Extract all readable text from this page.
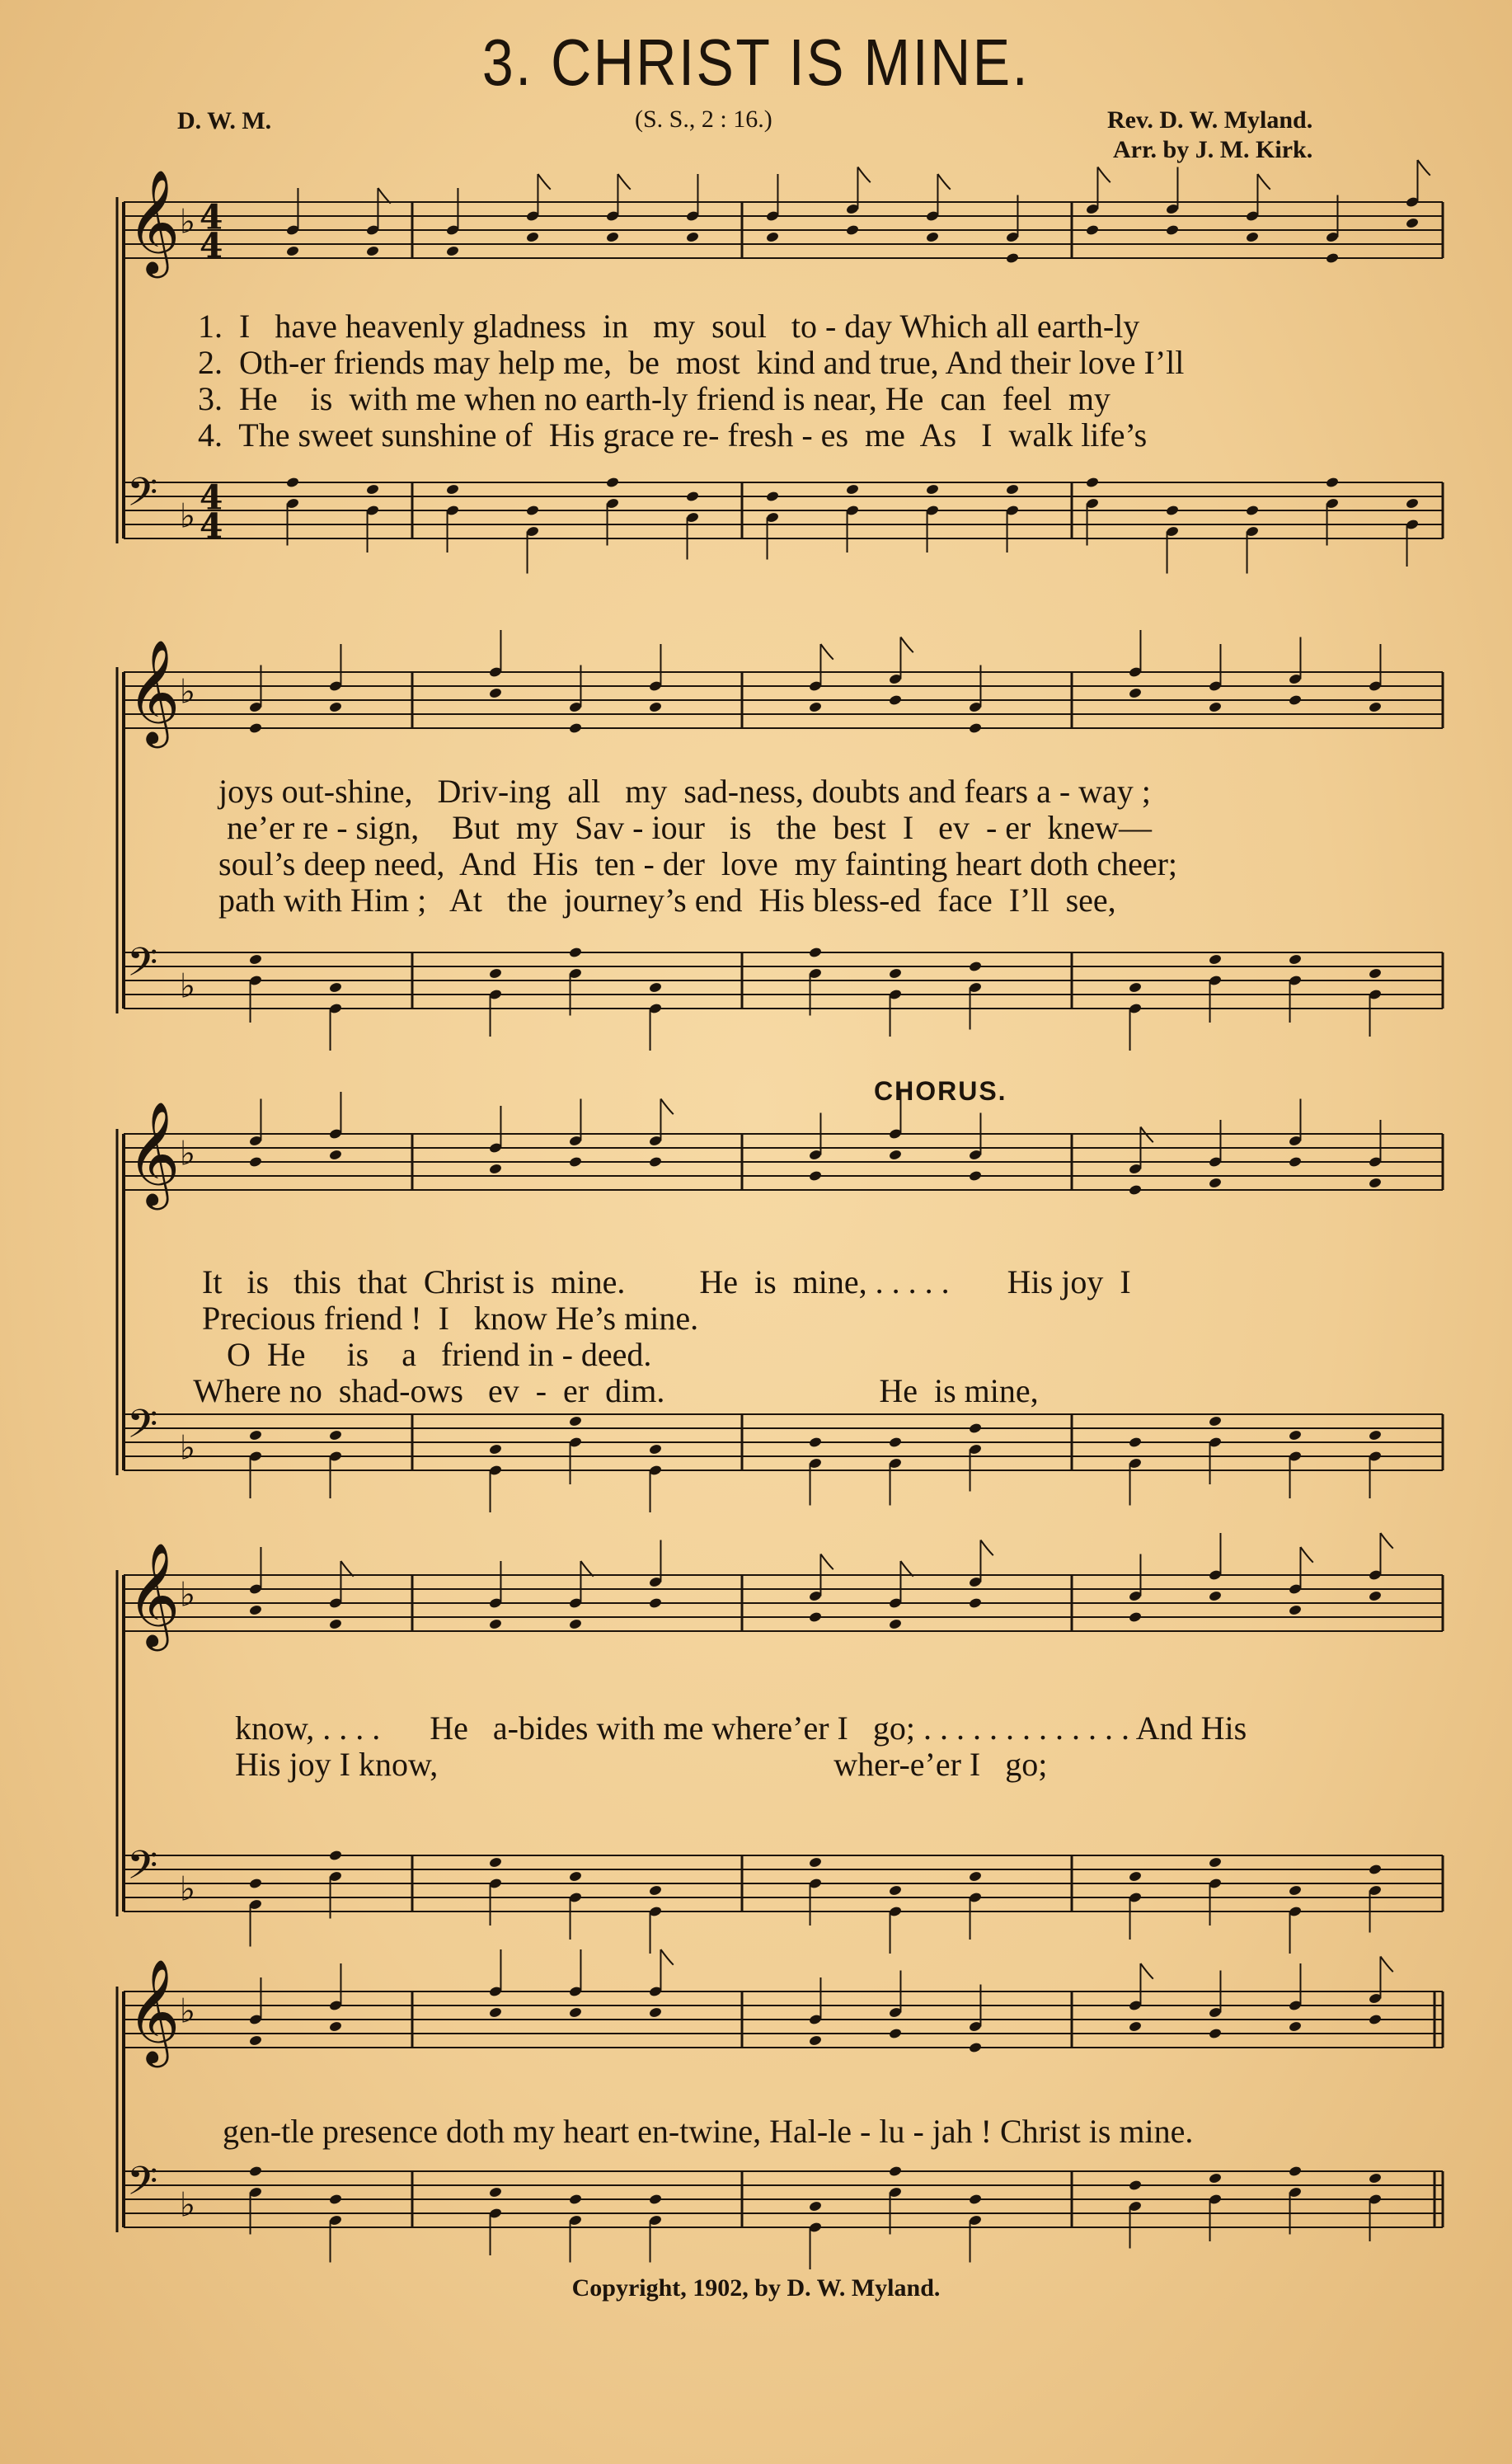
3. CHRIST IS MINE.
D. W. M.	(S. S., 2 : 16.)	Rev. D. W. Myland.
Arr. by J. M. Kirk.
𝄞 ♭ 4
4
𝄢 ♭ 4
4
1.  I   have heavenly gladness  in   my  soul   to - day Which all earth-ly
2.  Oth-er friends may help me,  be  most  kind and true, And their love I’ll
3.  He    is  with me when no earth-ly friend is near, He  can  feel  my
4.  The sweet sunshine of  His grace re- fresh - es  me  As   I  walk life’s
𝄞 ♭
𝄢 ♭
joys out-shine,   Driv-ing  all   my  sad-ness, doubts and fears a - way ;
ne’er re - sign,    But  my  Sav - iour   is   the  best  I   ev  - er  knew—
soul’s deep need,  And  His  ten - der  love  my fainting heart doth cheer;
path with Him ;   At   the  journey’s end  His bless-ed  face  I’ll  see,
CHORUS.
𝄞 ♭
𝄢 ♭
It   is   this  that  Christ is  mine.         He  is  mine, . . . . .       His joy  I
Precious friend !  I   know He’s mine.
O  He     is    a   friend in - deed.
Where no  shad-ows   ev  -  er  dim.                          He  is mine,
𝄞 ♭
𝄢 ♭
know, . . . .      He   a-bides with me where’er I   go; . . . . . . . . . . . . . And His
His joy I know,                                                wher-e’er I   go;
𝄞 ♭
𝄢 ♭
gen-tle presence doth my heart en-twine, Hal-le - lu - jah ! Christ is mine.
Copyright, 1902, by D. W. Myland.
